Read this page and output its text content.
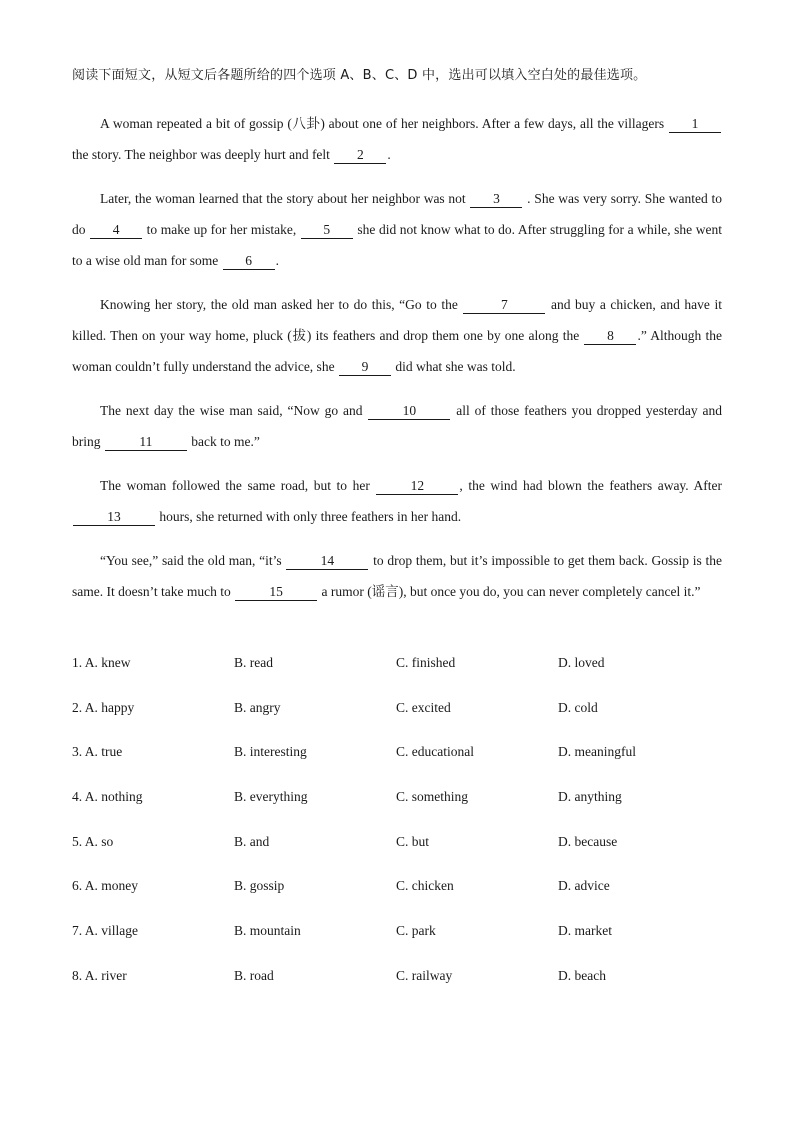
阅读下面短文，从短文后各题所给的四个选项 A、B、C、D 中，选出可以填入空白处的最佳选项。

A woman repeated a bit of gossip (八卦) about one of her neighbors. After a few days, all the villagers 1 the story. The neighbor was deeply hurt and felt 2 .

Later, the woman learned that the story about her neighbor was not 3 . She was very sorry. She wanted to do 4 to make up for her mistake, 5 she did not know what to do. After struggling for a while, she went to a wise old man for some 6 .

Knowing her story, the old man asked her to do this, “Go to the	7	and buy a chicken, and have it killed. Then on your way home, pluck (拔) its feathers and drop them one by one along the 8 .” Although the woman couldn’t fully understand the advice, she 9 did what she was told.

The next day the wise man said, “Now go and	10	all of those feathers you dropped yesterday and bring	11	back to me.”

The woman followed the same road, but to her	12	, the wind had blown the feathers away. After 13	hours, she returned with only three feathers in her hand.

“You see,” said the old man, “it’s	14	to drop them, but it’s impossible to get them back. Gossip is the same. It doesn’t take much to	15	a rumor (谣言), but once you do, you can never completely cancel it.”

1. A. knew	B. read	C. finished	D. loved
2. A. happy	B. angry	C. excited	D. cold
3. A. true	B. interesting	C. educational	D. meaningful
4. A. nothing	B. everything	C. something	D. anything
5. A. so	B. and	C. but	D. because
6. A. money	B. gossip	C. chicken	D. advice
7. A. village	B. mountain	C. park	D. market
8. A. river	B. road	C. railway	D. beach
